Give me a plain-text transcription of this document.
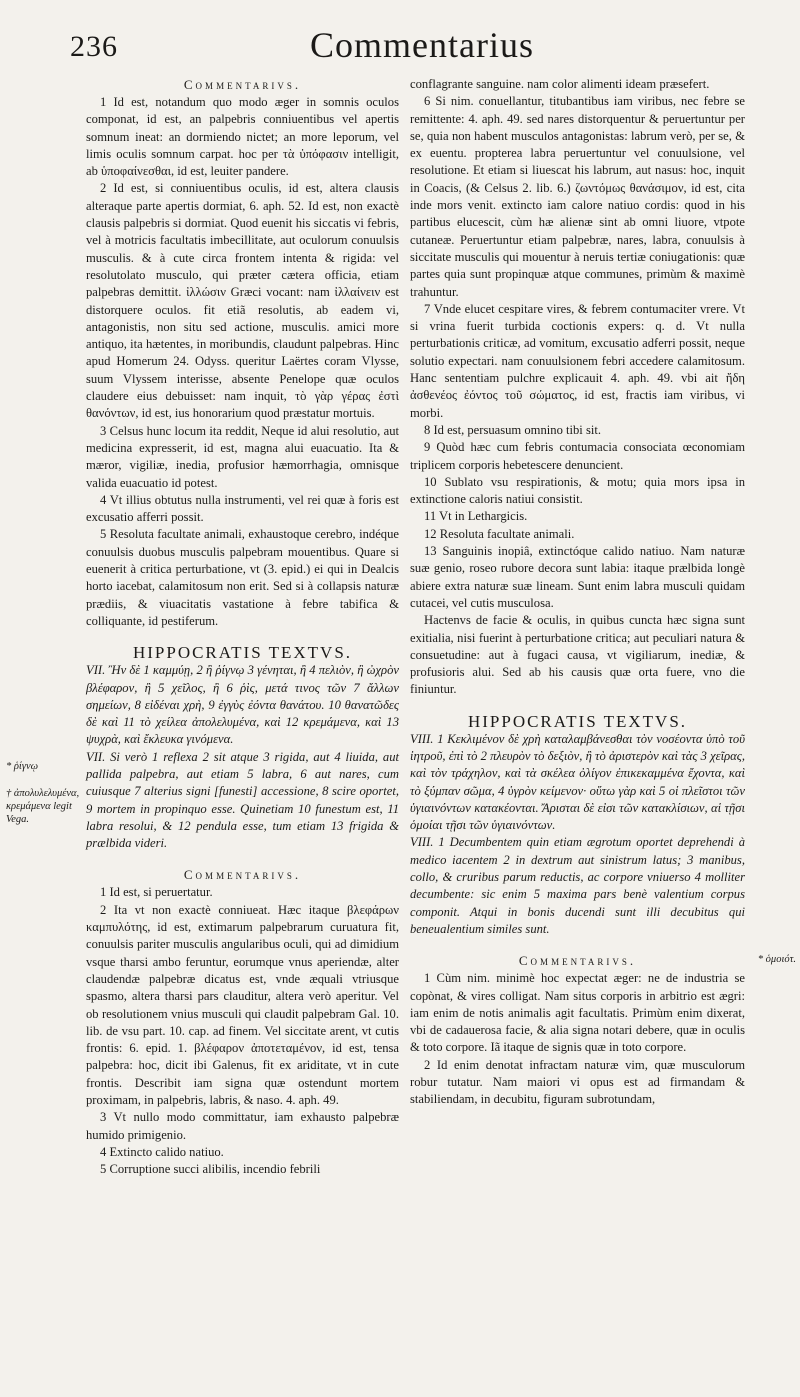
236	Commentarius
* ῥίγνῳ
† ἀπολυλελυμένα, κρεμάμενα legit Vega.
* ὁμοιότ.
Commentarivs.

1 Id est, notandum quo modo æger in somnis oculos componat, id est, an palpebris conniuentibus vel apertis somnum ineat: an dormiendo nictet; an more leporum, vel limis oculis somnum carpat. hoc per τὰ ὑπόφασιν intelligit, ab ὑποφαίνεσθαι, id est, leuiter pandere.

2 Id est, si conniuentibus oculis, id est, altera clausis alteraque parte apertis dormiat, 6. aph. 52. Id est, non exactè clausis palpebris si dormiat. Quod euenit his siccatis vi febris, vel à motricis facultatis imbecillitate, aut oculorum conuulsis musculis. & à cute circa frontem intenta & rigida: vel resolutolato musculo, qui præter cætera officia, etiam palpebras demittit. ἰλλώσιν Græci vocant: nam ἰλλαίνειν est distorquere oculos. fit etiã resolutis, ab eadem vi, antagonistis, non situ sed actione, musculis. amici more antiquo, ita hætentes, in moribundis, claudunt palpebras. Hinc apud Homerum 24. Odyss. queritur Laërtes coram Vlysse, suum Vlyssem interisse, absente Penelope quæ oculos claudere eius debuisset: nam inquit, τὸ γὰρ γέρας ἐστὶ θανόντων, id est, ius honorarium quod præstatur mortuis.

3 Celsus hunc locum ita reddit, Neque id alui resolutio, aut medicina expresserit, id est, magna alui euacuatio. Ita & mæror, vigiliæ, inedia, profusior hæmorrhagia, omnisque valida euacuatio id potest.

4 Vt illius obtutus nulla instrumenti, vel rei quæ à foris est excusatio afferri possit.

5 Resoluta facultate animali, exhaustoque cerebro, indéque conuulsis duobus musculis palpebram mouentibus. Quare si euenerit à critica perturbatione, vt (3. epid.) ei qui in Dealcis horto iacebat, calamitosum non erit. Sed si à collapsis naturæ prædiis, & viuacitatis vastatione à febre tabifica & colliquante, id pestiferum.

HIPPOCRATIS TEXTVS.

VII. Ἢν δὲ 1 καμμύῃ, 2 ἢ ῥίγνῳ 3 γένηται, ἢ 4 πελιὸν, ἢ ὠχρὸν βλέφαρον, ἢ 5 χεῖλος, ἢ 6 ῥὶς, μετά τινος τῶν 7 ἄλλων σημείων, 8 εἰδέναι χρὴ, 9 ἐγγὺς ἐόντα θανάτου. 10 θανατῶδες δὲ καὶ 11 τὸ χείλεα ἀπολελυμένα, καὶ 12 κρεμάμενα, καὶ 13 ψυχρὰ, καὶ ἔκλευκα γινόμενα.

VII. Si verò 1 reflexa 2 sit atque 3 rigida, aut 4 liuida, aut pallida palpebra, aut etiam 5 labra, 6 aut nares, cum cuiusque 7 alterius signi [funesti] accessione, 8 scire oportet, 9 mortem in propinquo esse. Quinetiam 10 funestum est, 11 labra resolui, & 12 pendula esse, tum etiam 13 frigida & prælbida videri.

Commentarivs.

1 Id est, si peruertatur.

2 Ita vt non exactè conniueat. Hæc itaque βλεφάρων καμπυλότης, id est, extimarum palpebrarum curuatura fit, conuulsis pariter musculis angularibus oculi, qui ad dimidium vsque tharsi ambo feruntur, eorumque vnus aperiendæ, alter claudendæ palpebræ dicatus est, vnde æquali vtriusque spasmo, altera tharsi pars clauditur, altera verò aperitur. Vel ob resolutionem vnius musculi qui claudit palpebram Gal. 10. lib. de vsu part. 10. cap. ad finem. Vel siccitate arent, vt cutis frontis: 6. epid. 1. βλέφαρον ἀποτεταμένον, id est, tensa palpebra: hoc, dicit ibi Galenus, fit ex ariditate, vt in cute frontis. Describit iam signa quæ ostendunt mortem proximam, in palpebris, labris, & naso. 4. aph. 49.

3 Vt nullo modo committatur, iam exhausto palpebræ humido primigenio.

4 Extincto calido natiuo.

5 Corruptione succi alibilis, incendio febrili

conflagrante sanguine. nam color alimenti ideam præsefert.

6 Si nim. conuellantur, titubantibus iam viribus, nec febre se remittente: 4. aph. 49. sed nares distorquentur & peruertuntur per se, quia non habent musculos antagonistas: labrum verò, per se, & ex euentu. propterea labra peruertuntur vel conuulsione, vel resolutione. Et etiam si liuescat his labrum, aut nasus: hoc, inquit in Coacis, (& Celsus 2. lib. 6.) ζωντόμως θανάσιμον, id est, cita inde mors venit. extincto iam calore natiuo cordis: quod in his partibus elucescit, cùm hæ alienæ sint ab omni liuore, vtpote cutaneæ. Peruertuntur etiam palpebræ, nares, labra, conuulsis à siccitate musculis qui mouentur à neruis tertiæ coniugationis: quæ partes quia sunt propinquæ atque communes, primùm & maximè trahuntur.

7 Vnde elucet cespitare vires, & febrem contumaciter vrere. Vt si vrina fuerit turbida coctionis expers: q. d. Vt nulla perturbationis criticæ, ad vomitum, excusatio adferri possit, neque solutio expectari. nam conuulsionem febri accedere calamitosum. Hanc sententiam pulchre explicauit 4. aph. 49. vbi ait ἤδη ἀσθενέος ἐόντος τοῦ σώματος, id est, fractis iam viribus, vi morbi.

8 Id est, persuasum omnino tibi sit.

9 Quòd hæc cum febris contumacia consociata œconomiam triplicem corporis hebetescere denuncient.

10 Sublato vsu respirationis, & motu; quia mors ipsa in extinctione caloris natiui consistit.

11 Vt in Lethargicis.

12 Resoluta facultate animali.

13 Sanguinis inopiâ, extinctóque calido natiuo. Nam naturæ suæ genio, roseo rubore decora sunt labia: itaque prælbida longè abiere extra naturæ suæ lineam. Sunt enim labra musculi quidam cutacei, vel cutis musculosa.

Hactenvs de facie & oculis, in quibus cuncta hæc signa sunt exitialia, nisi fuerint à perturbatione critica; aut peculiari natura & consuetudine: aut à fugaci causa, vt vigiliarum, inediæ, & profusioris alui. Sed ab his causis quæ orta fuere, vno die finiuntur.

HIPPOCRATIS TEXTVS.

VIII. 1 Κεκλιμένον δὲ χρὴ καταλαμβάνεσθαι τὸν νοσέοντα ὑπὸ τοῦ ἰητροῦ, ἐπὶ τὸ 2 πλευρὸν τὸ δεξιὸν, ἢ τὸ ἀριστερὸν καὶ τὰς 3 χεῖρας, καὶ τὸν τράχηλον, καὶ τὰ σκέλεα ὀλίγον ἐπικεκαμμένα ἔχοντα, καὶ τὸ ξύμπαν σῶμα, 4 ὑγρὸν κείμενον· οὕτω γὰρ καὶ 5 οἱ πλεῖστοι τῶν ὑγιαινόντων κατακέονται. Ἄρισται δὲ εἰσι τῶν κατακλίσιων, αἱ τῇσι ὁμοίαι τῇσι τῶν ὑγιαινόντων.

VIII. 1 Decumbentem quin etiam ægrotum oportet deprehendi à medico iacentem 2 in dextrum aut sinistrum latus; 3 manibus, collo, & cruribus parum reductis, ac corpore vniuerso 4 molliter decumbente: sic enim 5 maxima pars benè valentium corpus componit. Atqui in bonis ducendi sunt illi decubitus qui beneualentium similes sunt.

Commentarivs.

1 Cùm nim. minimè hoc expectat æger: ne de industria se copònat, & vires colligat. Nam situs corporis in arbitrio est ægri: iam enim de notis animalis agit facultatis. Primùm enim dixerat, vbi de cadauerosa facie, & alia signa notari debere, quæ in oculis & toto corpore. Iã itaque de signis quæ in toto corpore.

2 Id enim denotat infractam naturæ vim, quæ musculorum robur tutatur. Nam maiori vi opus est ad firmandam & stabiliendam, in decubitu, figuram subrotundam,
